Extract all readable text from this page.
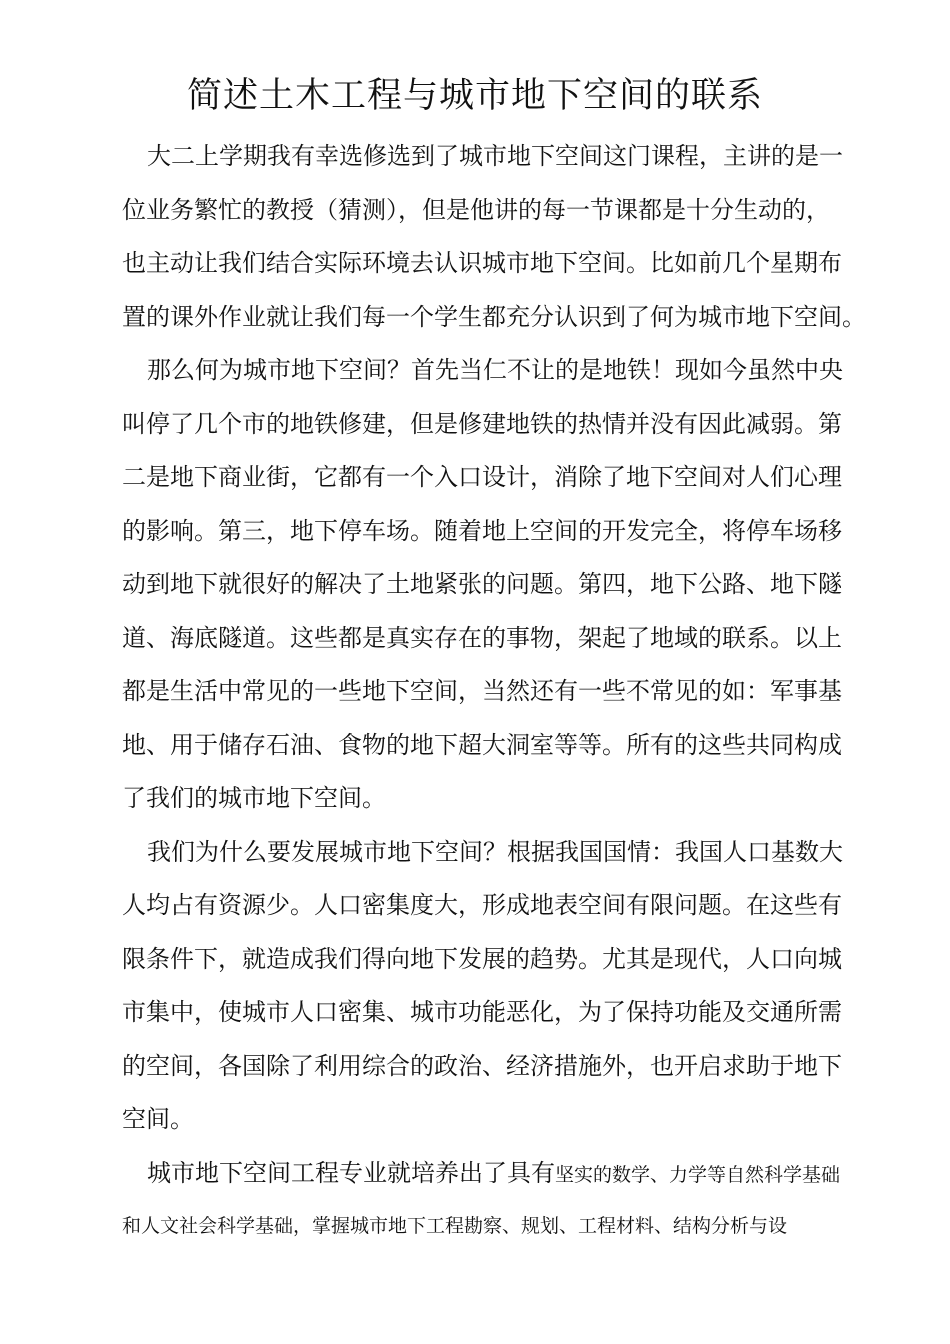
简述土木工程与城市地下空间的联系
大二上学期我有幸选修选到了城市地下空间这门课程，主讲的是一
位业务繁忙的教授（猜测），但是他讲的每一节课都是十分生动的，
也主动让我们结合实际环境去认识城市地下空间。比如前几个星期布
置的课外作业就让我们每一个学生都充分认识到了何为城市地下空间。
那么何为城市地下空间？首先当仁不让的是地铁！现如今虽然中央
叫停了几个市的地铁修建，但是修建地铁的热情并没有因此减弱。第
二是地下商业街，它都有一个入口设计，消除了地下空间对人们心理
的影响。第三，地下停车场。随着地上空间的开发完全，将停车场移
动到地下就很好的解决了土地紧张的问题。第四，地下公路、地下隧
道、海底隧道。这些都是真实存在的事物，架起了地域的联系。以上
都是生活中常见的一些地下空间，当然还有一些不常见的如：军事基
地、用于储存石油、食物的地下超大洞室等等。所有的这些共同构成
了我们的城市地下空间。
我们为什么要发展城市地下空间？根据我国国情：我国人口基数大
人均占有资源少。人口密集度大，形成地表空间有限问题。在这些有
限条件下，就造成我们得向地下发展的趋势。尤其是现代，人口向城
市集中，使城市人口密集、城市功能恶化，为了保持功能及交通所需
的空间，各国除了利用综合的政治、经济措施外，也开启求助于地下
空间。
城市地下空间工程专业就培养出了具有坚实的数学、力学等自然科学基础
和人文社会科学基础，掌握城市地下工程勘察、规划、工程材料、结构分析与设
